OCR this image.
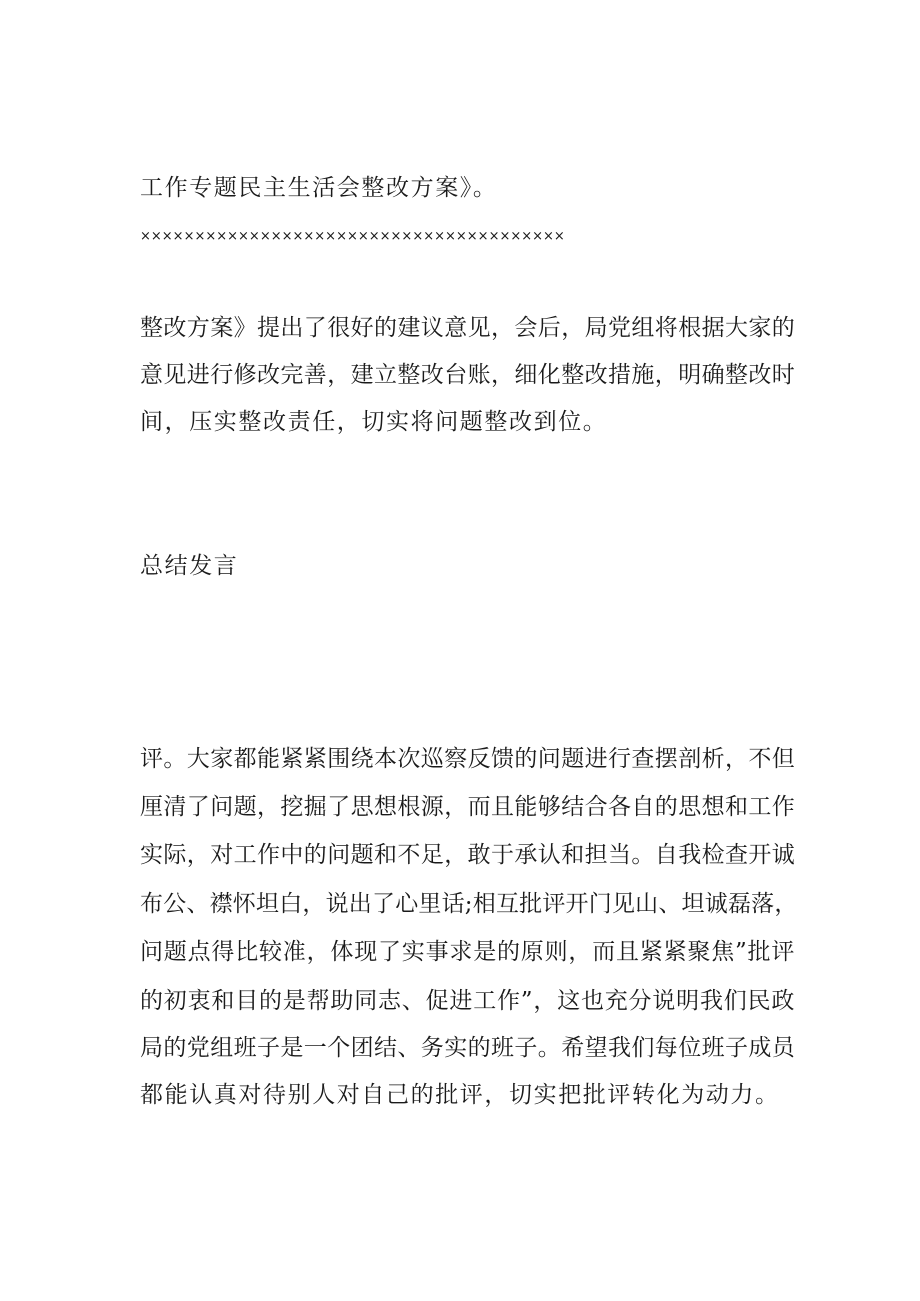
工作专题民主生活会整改方案》。
×××××××××××××××××××××××××××××××××××××××
整改方案》提出了很好的建议意见，会后，局党组将根据大家的
意见进行修改完善，建立整改台账，细化整改措施，明确整改时
间，压实整改责任，切实将问题整改到位。
总结发言
评。大家都能紧紧围绕本次巡察反馈的问题进行查摆剖析，不但
厘清了问题，挖掘了思想根源，而且能够结合各自的思想和工作
实际，对工作中的问题和不足，敢于承认和担当。自我检查开诚
布公、襟怀坦白，说出了心里话;相互批评开门见山、坦诚磊落，
问题点得比较准，体现了实事求是的原则，而且紧紧聚焦”批评
的初衷和目的是帮助同志、促进工作”，这也充分说明我们民政
局的党组班子是一个团结、务实的班子。希望我们每位班子成员
都能认真对待别人对自己的批评，切实把批评转化为动力。
